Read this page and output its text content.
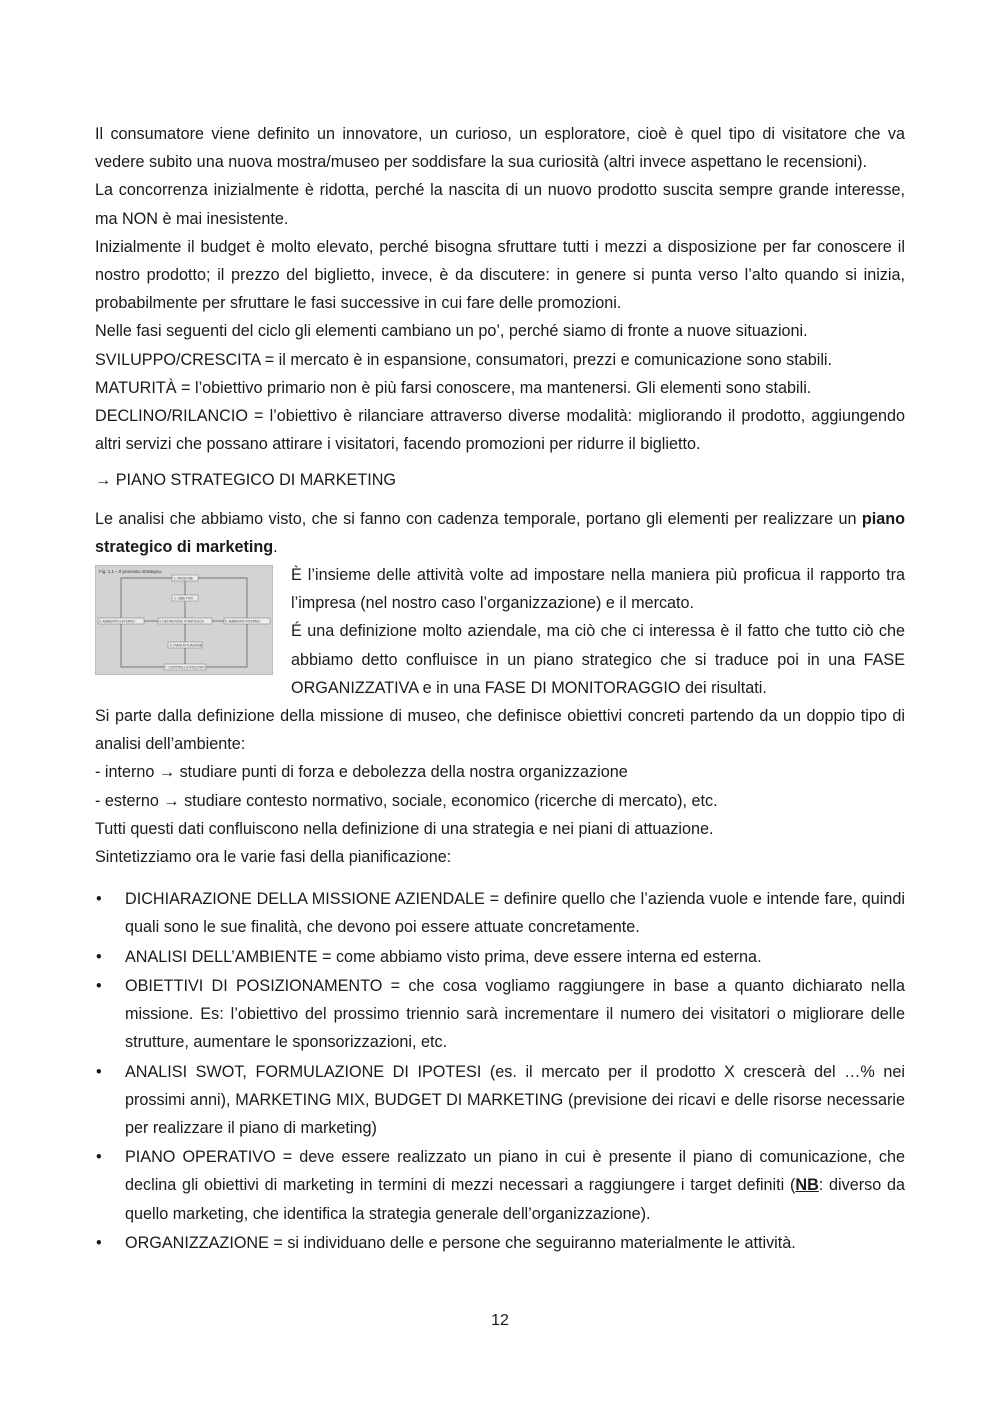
Il consumatore viene definito un innovatore, un curioso, un esploratore, cioè è quel tipo di visitatore che va vedere subito una nuova mostra/museo per soddisfare la sua curiosità (altri invece aspettano le recensioni).

La concorrenza inizialmente è ridotta, perché la nascita di un nuovo prodotto suscita sempre grande interesse, ma NON è mai inesistente.

Inizialmente il budget è molto elevato, perché bisogna sfruttare tutti i mezzi a disposizione per far conoscere il nostro prodotto; il prezzo del biglietto, invece, è da discutere: in genere si punta verso l’alto quando si inizia, probabilmente per sfruttare le fasi successive in cui fare delle promozioni.

Nelle fasi seguenti del ciclo gli elementi cambiano un po’, perché siamo di fronte a nuove situazioni.

SVILUPPO/CRESCITA = il mercato è in espansione, consumatori, prezzi e comunicazione sono stabili.

MATURITÀ = l’obiettivo primario non è più farsi conoscere, ma mantenersi. Gli elementi sono stabili.

DECLINO/RILANCIO = l’obiettivo è rilanciare attraverso diverse modalità: migliorando il prodotto, aggiungendo altri servizi che possano attirare i visitatori, facendo promozioni per ridurre il biglietto.

→ PIANO STRATEGICO DI MARKETING

Le analisi che abbiamo visto, che si fanno con cadenza temporale, portano gli elementi per realizzare un piano strategico di marketing.

Fig. 1.1 – Il processo strategico
1. MISSIONE
2. OBIETTIVI
3. AMBIENTE ESTERNO	4. DEFINIZIONE STRATEGICA	5. AMBIENTE INTERNO
6. PIANI ATTUAZIONE
7. CONTROLLO RISULTATI

È l’insieme delle attività volte ad impostare nella maniera più proficua il rapporto tra l’impresa (nel nostro caso l’organizzazione) e il mercato.

É una definizione molto aziendale, ma ciò che ci interessa è il fatto che tutto ciò che abbiamo detto confluisce in un piano strategico che si traduce poi in una FASE ORGANIZZATIVA e in una FASE DI MONITORAGGIO dei risultati.

Si parte dalla definizione della missione di museo, che definisce obiettivi concreti partendo da un doppio tipo di analisi dell’ambiente:

- interno → studiare punti di forza e debolezza della nostra organizzazione

- esterno → studiare contesto normativo, sociale, economico (ricerche di mercato), etc.

Tutti questi dati confluiscono nella definizione di una strategia e nei piani di attuazione.

Sintetizziamo ora le varie fasi della pianificazione:

• DICHIARAZIONE DELLA MISSIONE AZIENDALE = definire quello che l’azienda vuole e intende fare, quindi quali sono le sue finalità, che devono poi essere attuate concretamente.
• ANALISI DELL’AMBIENTE = come abbiamo visto prima, deve essere interna ed esterna.
• OBIETTIVI DI POSIZIONAMENTO = che cosa vogliamo raggiungere in base a quanto dichiarato nella missione. Es: l’obiettivo del prossimo triennio sarà incrementare il numero dei visitatori o migliorare delle strutture, aumentare le sponsorizzazioni, etc.
• ANALISI SWOT, FORMULAZIONE DI IPOTESI (es. il mercato per il prodotto X crescerà del …% nei prossimi anni), MARKETING MIX, BUDGET DI MARKETING (previsione dei ricavi e delle risorse necessarie per realizzare il piano di marketing)
• PIANO OPERATIVO = deve essere realizzato un piano in cui è presente il piano di comunicazione, che declina gli obiettivi di marketing in termini di mezzi necessari a raggiungere i target definiti (NB: diverso da quello marketing, che identifica la strategia generale dell’organizzazione).
• ORGANIZZAZIONE = si individuano delle e persone che seguiranno materialmente le attività.
12
